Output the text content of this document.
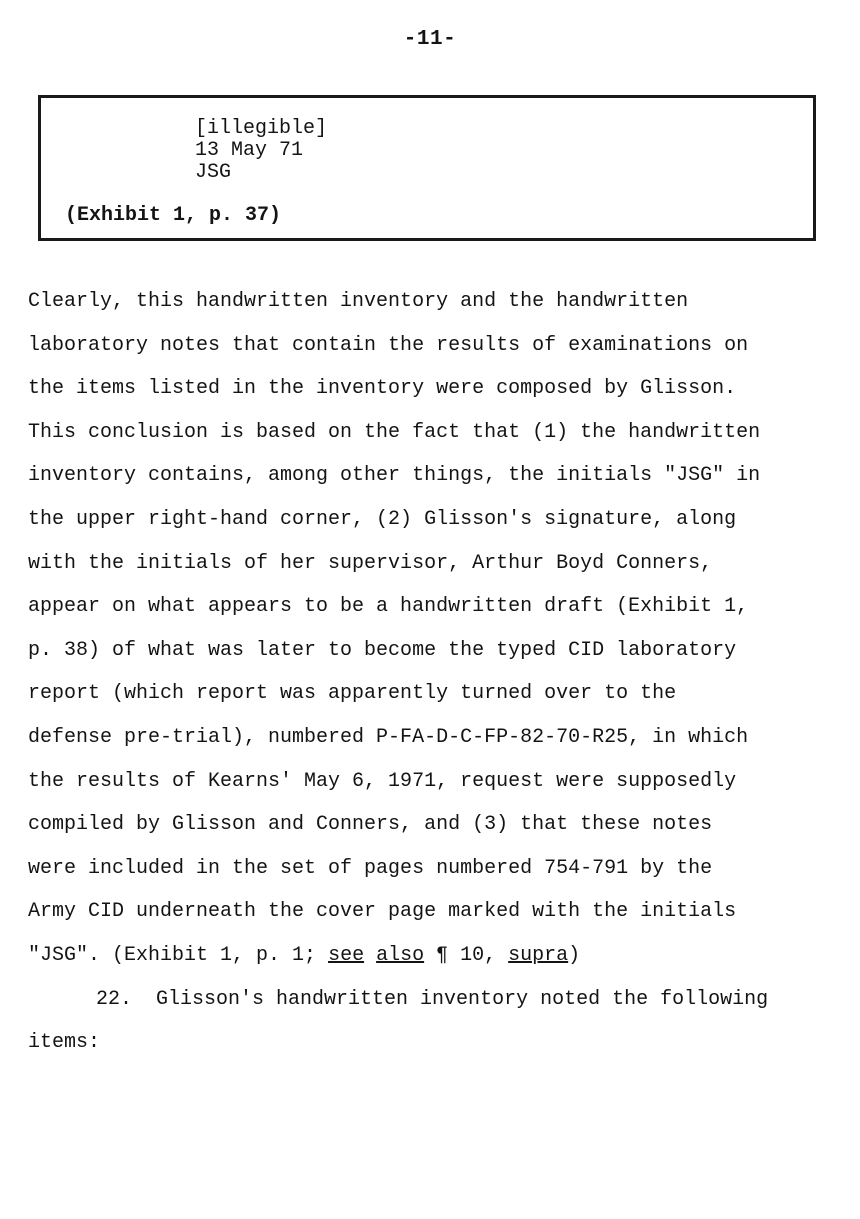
-11-
[illegible]
13 May 71
JSG
(Exhibit 1, p. 37)
Clearly, this handwritten inventory and the handwritten
laboratory notes that contain the results of examinations on
the items listed in the inventory were composed by Glisson.
This conclusion is based on the fact that (1) the handwritten
inventory contains, among other things, the initials "JSG" in
the upper right-hand corner, (2) Glisson's signature, along
with the initials of her supervisor, Arthur Boyd Conners,
appear on what appears to be a handwritten draft (Exhibit 1,
p. 38) of what was later to become the typed CID laboratory
report (which report was apparently turned over to the
defense pre-trial), numbered P-FA-D-C-FP-82-70-R25, in which
the results of Kearns' May 6, 1971, request were supposedly
compiled by Glisson and Conners, and (3) that these notes
were included in the set of pages numbered 754-791 by the
Army CID underneath the cover page marked with the initials
"JSG". (Exhibit 1, p. 1; see also ¶ 10, supra)
22.  Glisson's handwritten inventory noted the following
items:
